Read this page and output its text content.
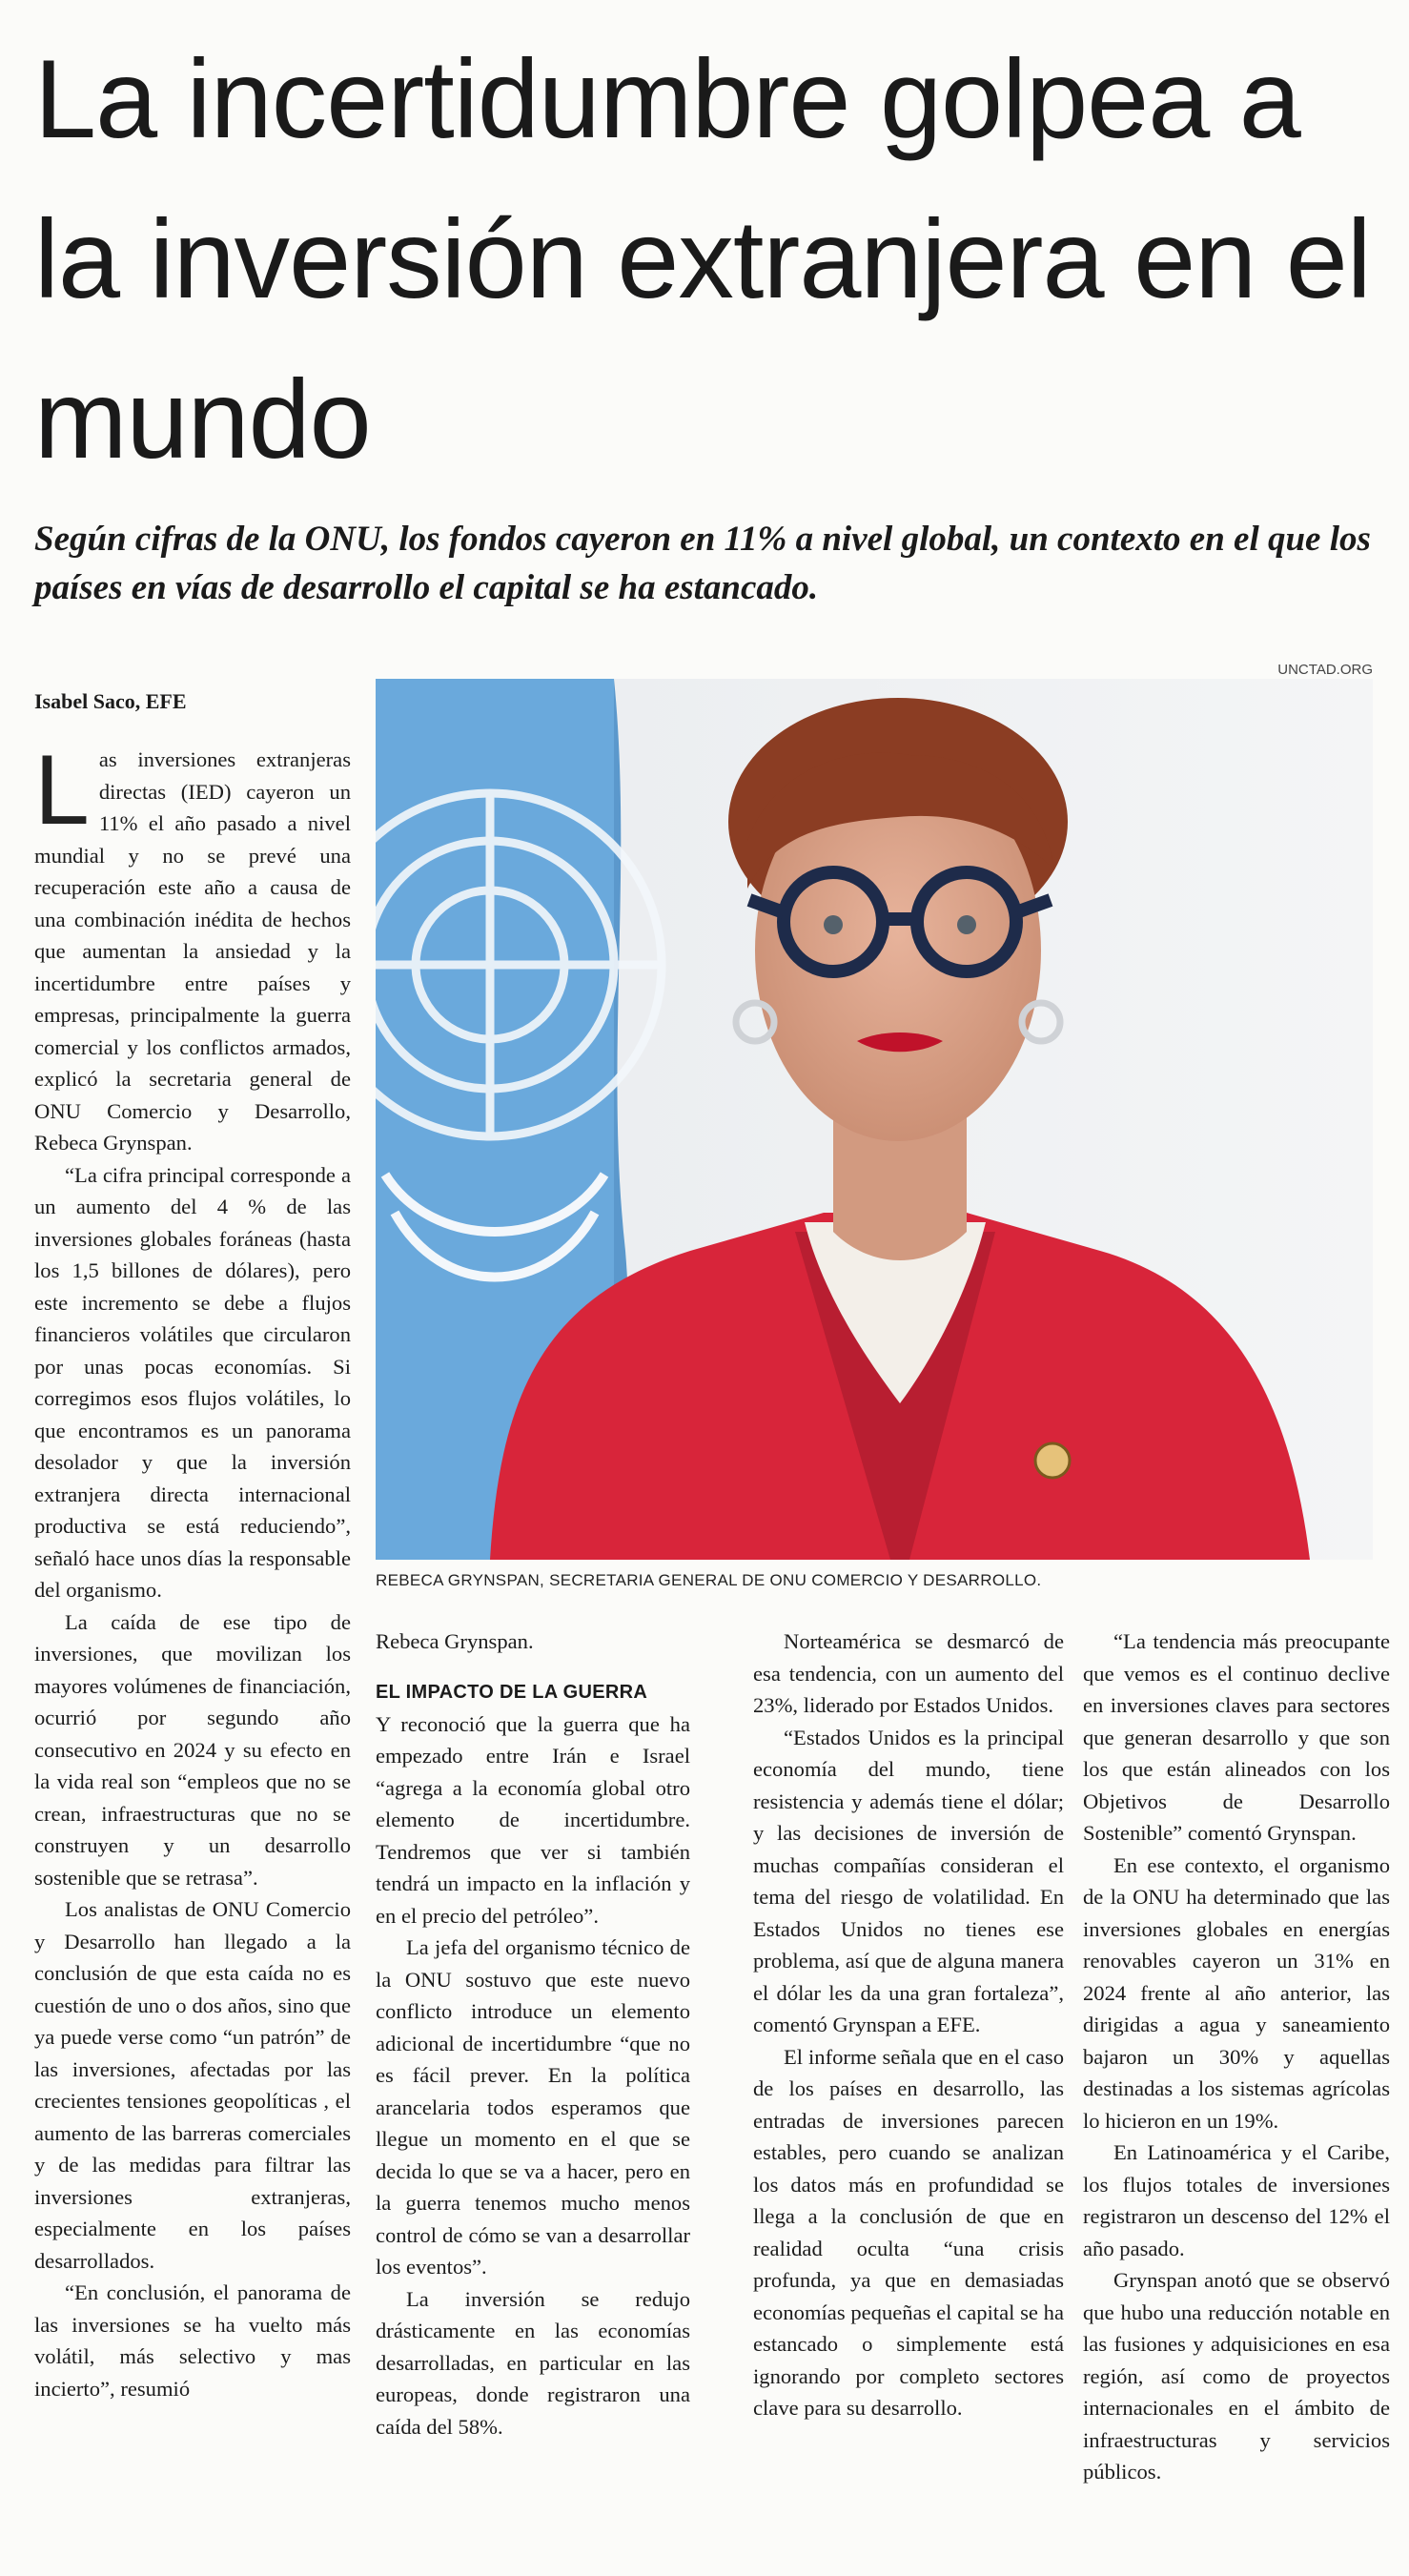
La incertidumbre golpea a la inversión extranjera en el mundo

Según cifras de la ONU, los fondos cayeron en 11% a nivel global, un contexto en el que los países en vías de desarrollo el capital se ha estancado.

Isabel Saco, EFE
UNCTAD.ORG
REBECA GRYNSPAN, SECRETARIA GENERAL DE ONU COMERCIO Y DESARROLLO.
L as inversiones extranjeras directas (IED) cayeron un 11% el año pasado a nivel mundial y no se prevé una recuperación este año a causa de una combinación inédita de hechos que aumentan la ansiedad y la incertidumbre entre países y empresas, principalmente la guerra comercial y los conflictos armados, explicó la secretaria general de ONU Comercio y Desarrollo, Rebeca Grynspan.

“La cifra principal corresponde a un aumento del 4 % de las inversiones globales foráneas (hasta los 1,5 billones de dólares), pero este incremento se debe a flujos financieros volátiles que circularon por unas pocas economías. Si corregimos esos flujos volátiles, lo que encontramos es un panorama desolador y que la inversión extranjera directa internacional productiva se está reduciendo”, señaló hace unos días la responsable del organismo.

La caída de ese tipo de inversiones, que movilizan los mayores volúmenes de financiación, ocurrió por segundo año consecutivo en 2024 y su efecto en la vida real son “empleos que no se crean, infraestructuras que no se construyen y un desarrollo sostenible que se retrasa”.

Los analistas de ONU Comercio y Desarrollo han llegado a la conclusión de que esta caída no es cuestión de uno o dos años, sino que ya puede verse como “un patrón” de las inversiones, afectadas por las crecientes tensiones geopolíticas , el aumento de las barreras comerciales y de las medidas para filtrar las inversiones extranjeras, especialmente en los países desarrollados.

“En conclusión, el panorama de las inversiones se ha vuelto más volátil, más selectivo y mas incierto”, resumió

Rebeca Grynspan.

EL IMPACTO DE LA GUERRA

Y reconoció que la guerra que ha empezado entre Irán e Israel “agrega a la economía global otro elemento de incertidumbre. Tendremos que ver si también tendrá un impacto en la inflación y en el precio del petróleo”.

La jefa del organismo técnico de la ONU sostuvo que este nuevo conflicto introduce un elemento adicional de incertidumbre “que no es fácil prever. En la política arancelaria todos esperamos que llegue un momento en el que se decida lo que se va a hacer, pero en la guerra tenemos mucho menos control de cómo se van a desarrollar los eventos”.

La inversión se redujo drásticamente en las economías desarrolladas, en particular en las europeas, donde registraron una caída del 58%.

Norteamérica se desmarcó de esa tendencia, con un aumento del 23%, liderado por Estados Unidos.

“Estados Unidos es la principal economía del mundo, tiene resistencia y además tiene el dólar; y las decisiones de inversión de muchas compañías consideran el tema del riesgo de volatilidad. En Estados Unidos no tienes ese problema, así que de alguna manera el dólar les da una gran fortaleza”, comentó Grynspan a EFE.

El informe señala que en el caso de los países en desarrollo, las entradas de inversiones parecen estables, pero cuando se analizan los datos más en profundidad se llega a la conclusión de que en realidad oculta “una crisis profunda, ya que en demasiadas economías pequeñas el capital se ha estancado o simplemente está ignorando por completo sectores clave para su desarrollo.

“La tendencia más preocupante que vemos es el continuo declive en inversiones claves para sectores que generan desarrollo y que son los que están alineados con los Objetivos de Desarrollo Sostenible” comentó Grynspan.

En ese contexto, el organismo de la ONU ha determinado que las inversiones globales en energías renovables cayeron un 31% en 2024 frente al año anterior, las dirigidas a agua y saneamiento bajaron un 30% y aquellas destinadas a los sistemas agrícolas lo hicieron en un 19%.

En Latinoamérica y el Caribe, los flujos totales de inversiones registraron un descenso del 12% el año pasado.

Grynspan anotó que se observó que hubo una reducción notable en las fusiones y adquisiciones en esa región, así como de proyectos internacionales en el ámbito de infraestructuras y servicios públicos.
